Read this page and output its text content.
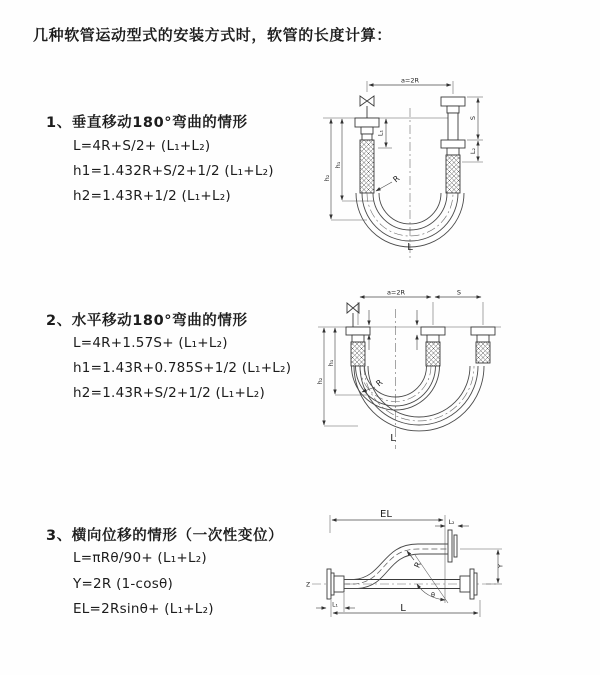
几种软管运动型式的安装方式时，软管的长度计算：
1、垂直移动180°弯曲的情形
L=4R+S/2+ (L₁+L₂)
h1=1.432R+S/2+1/2 (L₁+L₂)
h2=1.43R+1/2 (L₁+L₂)
a=2R
L₁
S
L₂
h₁
h₂	R
L
2、水平移动180°弯曲的情形
L=4R+1.57S+ (L₁+L₂)
h1=1.43R+0.785S+1/2 (L₁+L₂)
h2=1.43R+S/2+1/2 (L₁+L₂)
a=2R	S
h₁
h₂	R
L
3、横向位移的情形（一次性变位）
L=πRθ/90+ (L₁+L₂)
Y=2R (1-cosθ)
EL=2Rsinθ+ (L₁+L₂)
EL
L₂
Y
Z
R
θ
L
L₁
